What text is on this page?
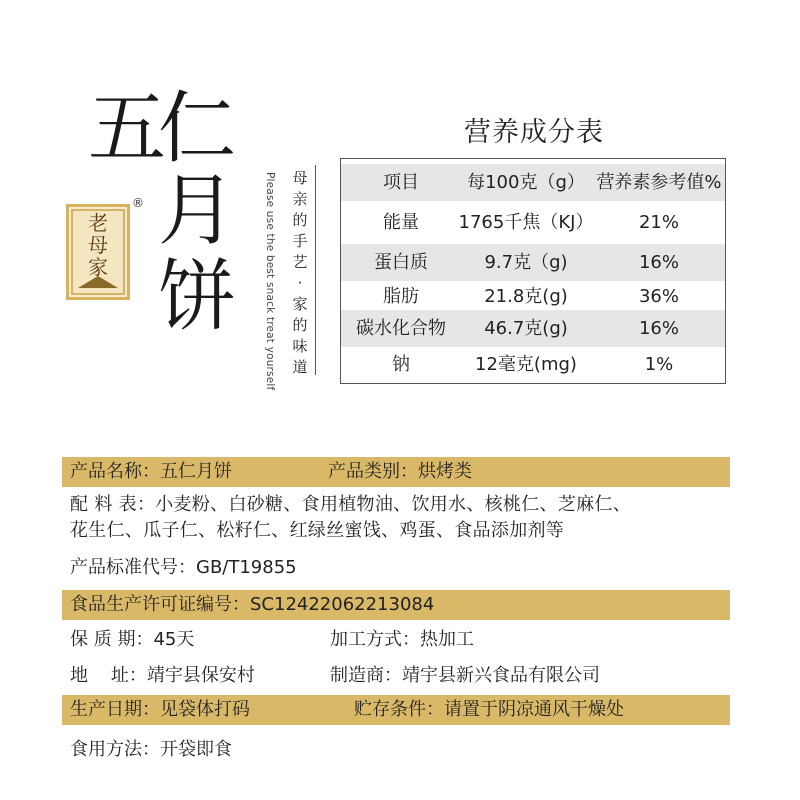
五
仁
月
饼
老母家
®	Please use the best snack treat yourself 母
亲
的
手
艺
·
家
的
味
道
营养成分表
项目	每100克（g） 营养素参考值%
能量	1765千焦（KJ）	21%
蛋白质	9.7克（g)	16%
脂肪	21.8克(g)	36%
碳水化合物	46.7克(g)	16%
钠	12毫克(mg)	1%
产品名称：五仁月饼	产品类别：烘烤类
配 料 表：小麦粉、白砂糖、食用植物油、饮用水、核桃仁、芝麻仁、
花生仁、瓜子仁、松籽仁、红绿丝蜜饯、鸡蛋、食品添加剂等
产品标准代号：GB/T19855
食品生产许可证编号：SC12422062213084
保 质 期：45天	加工方式：热加工
地    址：靖宇县保安村	制造商：靖宇县新兴食品有限公司
生产日期：见袋体打码	贮存条件：请置于阴凉通风干燥处
食用方法：开袋即食
